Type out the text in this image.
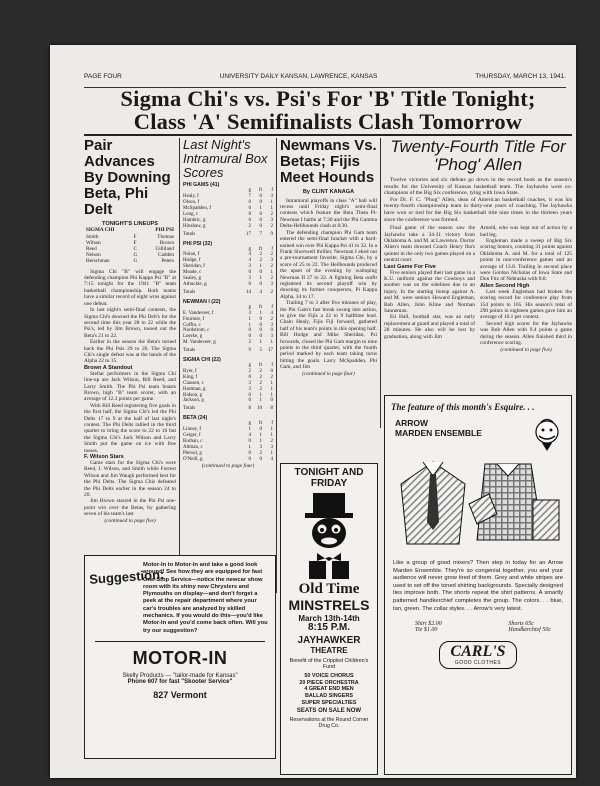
PAGE FOUR	UNIVERSITY DAILY KANSAN, LAWRENCE, KANSAS	THURSDAY, MARCH 13, 1941.
Sigma Chi's vs. Psi's For 'B' Title Tonight;
Class 'A' Semifinalists Clash Tomorrow
Pair Advances By Downing Beta, Phi Delt
TONIGHT'S LINEUPS
SIGMA CHI		PHI PSI
Smith	F	Thomas
Wilson	F	Brown
Reed	C	Gilliland
Nelson	G	Cadden
Herschman	G	Peters
Sigma Chi "B" will engage the defending champion Phi Kappa Psi "B" at 7:15 tonight for the 1941 "B" team basketball championship. Both teams have a similar record of eight wins against one defeat.
In last night's semi-final contests, the Sigma Chi's downed the Phi Delt's for the second time this year 28 to 22 while the Psi's, led by Jim Brown, tossed out the Beta's 21 to 22.
Earlier in the season the Beta's turned back the Phi Psis 29 to 26. The Sigma Chi's single defeat was at the hands of the Alpha 22 to 15.
Brown A Standout
Stellar performers in the Sigma Chi line-up are Jack Wilson, Bill Reed, and Larry Smith. The Phi Psi team boasts Brown, high "B" team scorer, with an average of 12.3 points per game.
With Bill Reed registering five goals in the first half, the Sigma Chi's led the Phi Delts 17 to 9 at the half of last night's contest. The Phi Delts rallied in the third quarter to bring the score to 22 to 16 but the Sigma Chi's Jack Wilson and Larry Smith put the game on ice with free tosses.
F. Wilson Stars
Game stars for the Sigma Chi's were Reed, J. Wilson, and Smith while Forrest Wilson and Jim Waugh performed best for the Phi Delts. The Sigma Chis defeated the Phi Delts earlier in the season 24 to 20.
Jim Brown starred in the Phi Psi one-point win over the Betas, by gathering seven of his team's last
(continued to page five)
Last Night's Intramural Box Scores
PHI GAMS (41)
	g	ft	f
Healy, f	7	0	3
Olson, f	0	0	1
McSpadden, f	6	1	1
Long, c	0	0	2
Hambric, g	0	0	3
Hinshaw, g	2	0	2
Totals	17	7	9
PHI PSI (32)
	g	ft	f
Nolan, f	4	2	2
Hodge, f	4	2	3
Sheridan, f	3	1	2
Meade, c	0	0	1
Sealey, g	3	1	2
Arbuckle, g	0	0	3
Totals	14	4	2
NEWMAN I (22)
	g	ft	f
E. Vandeveer, f	3	1	4
Fournier, f	1	0	2
Coffin, c	1	0	3
Nordstrom, c	0	0	0
Loerke, g	0	0	3
M. Vandeveer, g	2	1	1
Totals	9	5	17
SIGMA CHI (22)
	g	ft	f
Byer, f	2	2	0
King, f	0	2	2
Clausen, c	3	2	1
Hartman, g	3	2	1
Ridson, g	0	1	1
Jackson, g	0	1	0
Totals	8	10	8
BETA (24)
	g	ft	f
Linney, f	1	0	1
Geiger, f	4	1	1
Burhan, c	0	1	2
Altman, c	1	3	3
Piersol, g	0	2	1
O'Neill, g	0	0	4
(continued to page four)
Newmans Vs. Betas; Fijis Meet Hounds
By CLINT KANAGA
Intramural playoffs in class "A" ball will recess until Friday night's semi-final contests which feature the Beta Theta Pi-Newman I battle at 7:30 and the Phi Gamma Delta-Hellhounds clash at 8:30.
The defending champion Phi Gam team entered the semi-final bracket with a hard-earned win over Phi Kappa Psi 41 to 32. In a Frank Shortwell thriller, Newman I eked out a pre-tournament favorite, Sigma Chi, by a score of 25 to 22. The Hellhounds produced the upset of the evening by walloping Newman II 27 to 22. A fighting Beta outfit registered its second playoff win by downing its former conquerors, Pi Kappa Alpha, 34 to 17.
Trailing 7 to 3 after five minutes of play, the Phi Gam's fast break swung into action, to give the Fijis a 22 to 9 halftime lead. Chain Healy, Fijis Fiji forward, gathered half of his team's points in this opening half. Bill Hodge and Mike Sheridan, Psi forwards, closed the Phi Gam margin to nine points in the third quarter, with the fourth period marked by each team taking turns hitting the goals. Larry McSpadden, Phi Gam, and Jim
(continued to page four)
TONIGHT AND FRIDAY
Old Time
MINSTRELS
March 13th-14th
8:15 P.M.
JAYHAWKER
THEATRE
Benefit of the Crippled Children's Fund
50 VOICE CHORUS
20 PIECE ORCHESTRA
4 GREAT END MEN
BALLAD SINGERS
SUPER SPECIALTIES
SEATS ON SALE NOW
Reservations at the Round Corner Drug Co.
Twenty-Fourth Title For 'Phog' Allen
Twelve victories and six defeats go down in the record book as the season's results for the University of Kansas basketball team. The Jayhawks were co-champions of the Big Six conference, tying with Iowa State.
For Dr. F. C. "Phog" Allen, dean of American basketball coaches, it was his twenty-fourth championship team in thirty-one years of coaching. The Jayhawks have won or tied for the Big Six basketball title nine times in the thirteen years since the conference was formed.
Final game of the season saw the Jayhawks take a 34-31 victory from Oklahoma A. and M. at Lawrence. Doctor Allen's team downed Coach Henry Iba's quintet in the only two games played on a neutral court.
Last Game For Five
Five seniors played their last game in a K.U. uniform against the Cowboys and another was on the sidelines due to an injury. In the starting lineup against A. and M. were seniors Howard Engleman, Bob Allen, John Kline and Norman Sanneman.
Ed Hall, football star, was an early replacement at guard and played a total of 28 minutes. He also will be lost by graduation, along with Jim
Arnold, who was kept out of action by a bad leg.
Engleman made a sweep of Big Six scoring honors, counting 31 points against Oklahoma A. and M. for a total of 125 points in non-conference games and an average of 13.8. Trailing in second place were Gordon Nicholas of Iowa State and Don Fitz of Nebraska with 8.8.
Allen Second High
Last week Engleman had broken the scoring record for conference play from 154 points to 165. His season's total of 290 points in eighteen games gave him an average of 16.1 per contest.
Second high scorer for the Jayhawks was Bob Allen with 9.4 points a game during the season. Allen finished third in conference scoring.
(continued to page five)
Suggestion:
Motor-In to Motor-In and take a good look around! See how they are equipped for fast One-Stop Service—notice the newcar show room with its shiny new Chryslers and Plymouths on display—and don't forget a peek at the repair department where your car's troubles are analyzed by skilled mechanics. If you would do this—you'd like Motor-In and you'd come back often. Will you try our suggestion?
MOTOR-IN
Skelly Products — "tailor-made for Kansas"
Phone 607 for fast "Skooter Service"
827 Vermont
The feature of this month's Esquire. . .
ARROW
MARDEN ENSEMBLE
Like a group of good mixers? Then step in today for an Arrow Marden Ensemble. They're so congenial together, you and your audience will never grow tired of them. Grey and white stripes are used to set off the toned shirting backgrounds. Specially designed ties improve both. The shorts repeat the shirt patterns. A smartly patterned handkerchief completes the group. The colors. . . blue, tan, green. The collar styles. . . Arrow's very latest.
Shirt $2.00
Tie $1.00
Shorts 65c
Handkerchief 50c
CARL'S
GOOD CLOTHES
